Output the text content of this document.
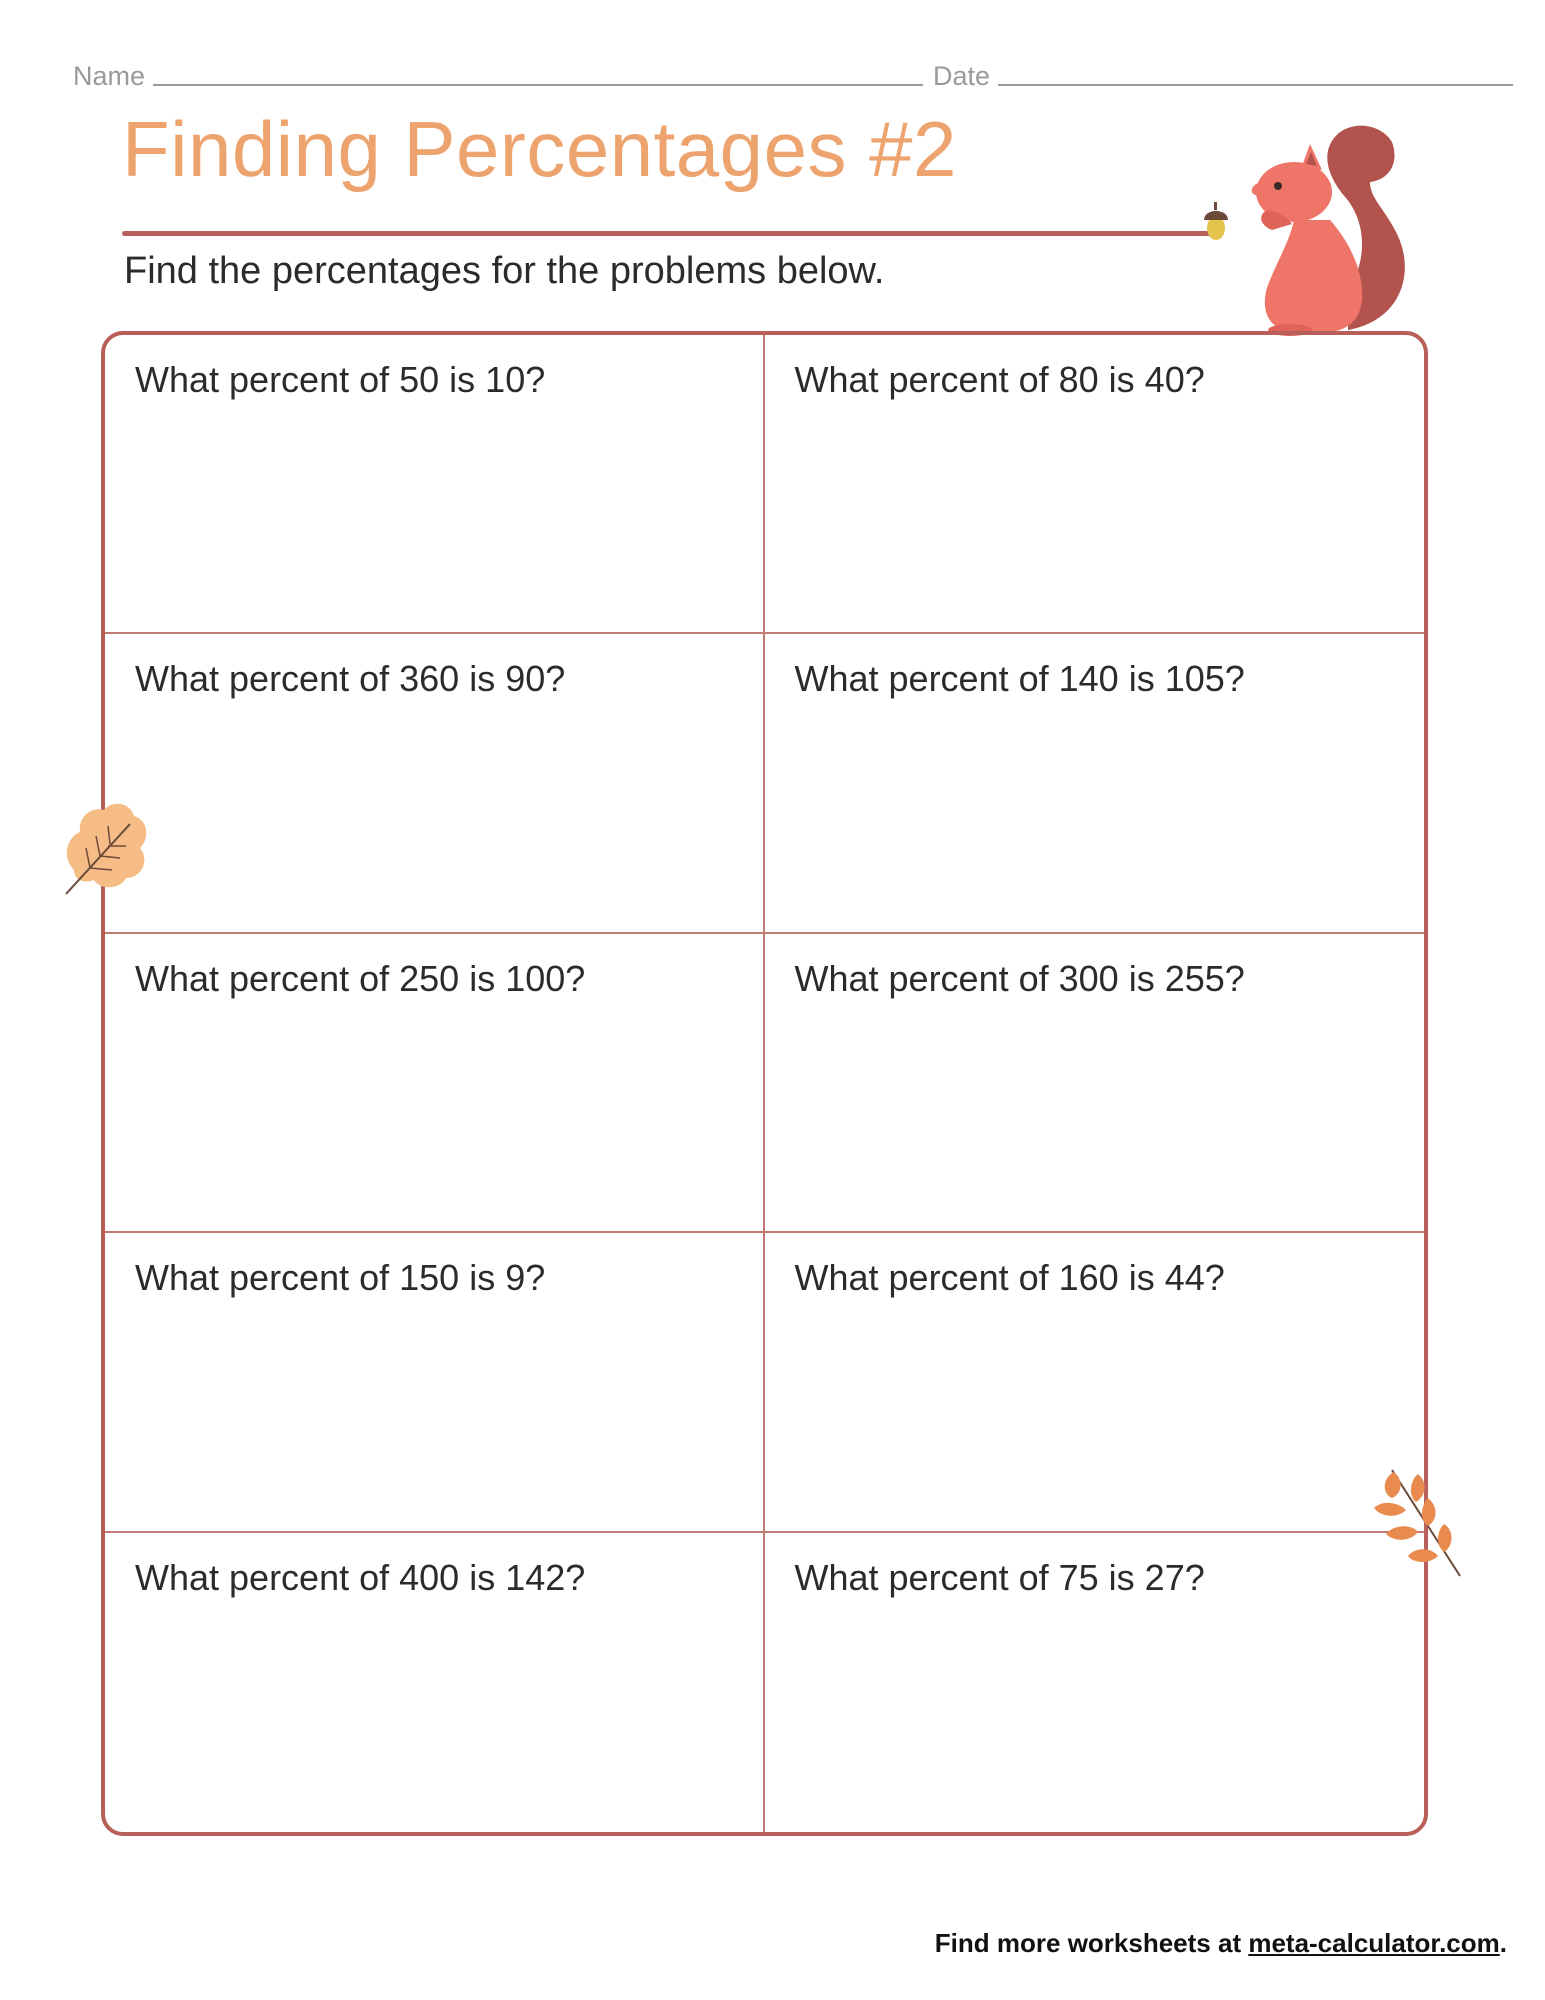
Name	Date
Finding Percentages #2
Find the percentages for the problems below.
What percent of 50 is 10?	What percent of 80 is 40?
What percent of 360 is 90?	What percent of 140 is 105?
What percent of 250 is 100?	What percent of 300 is 255?
What percent of 150 is 9?	What percent of 160 is 44?
What percent of 400 is 142?	What percent of 75 is 27?
Find more worksheets at meta-calculator.com.
